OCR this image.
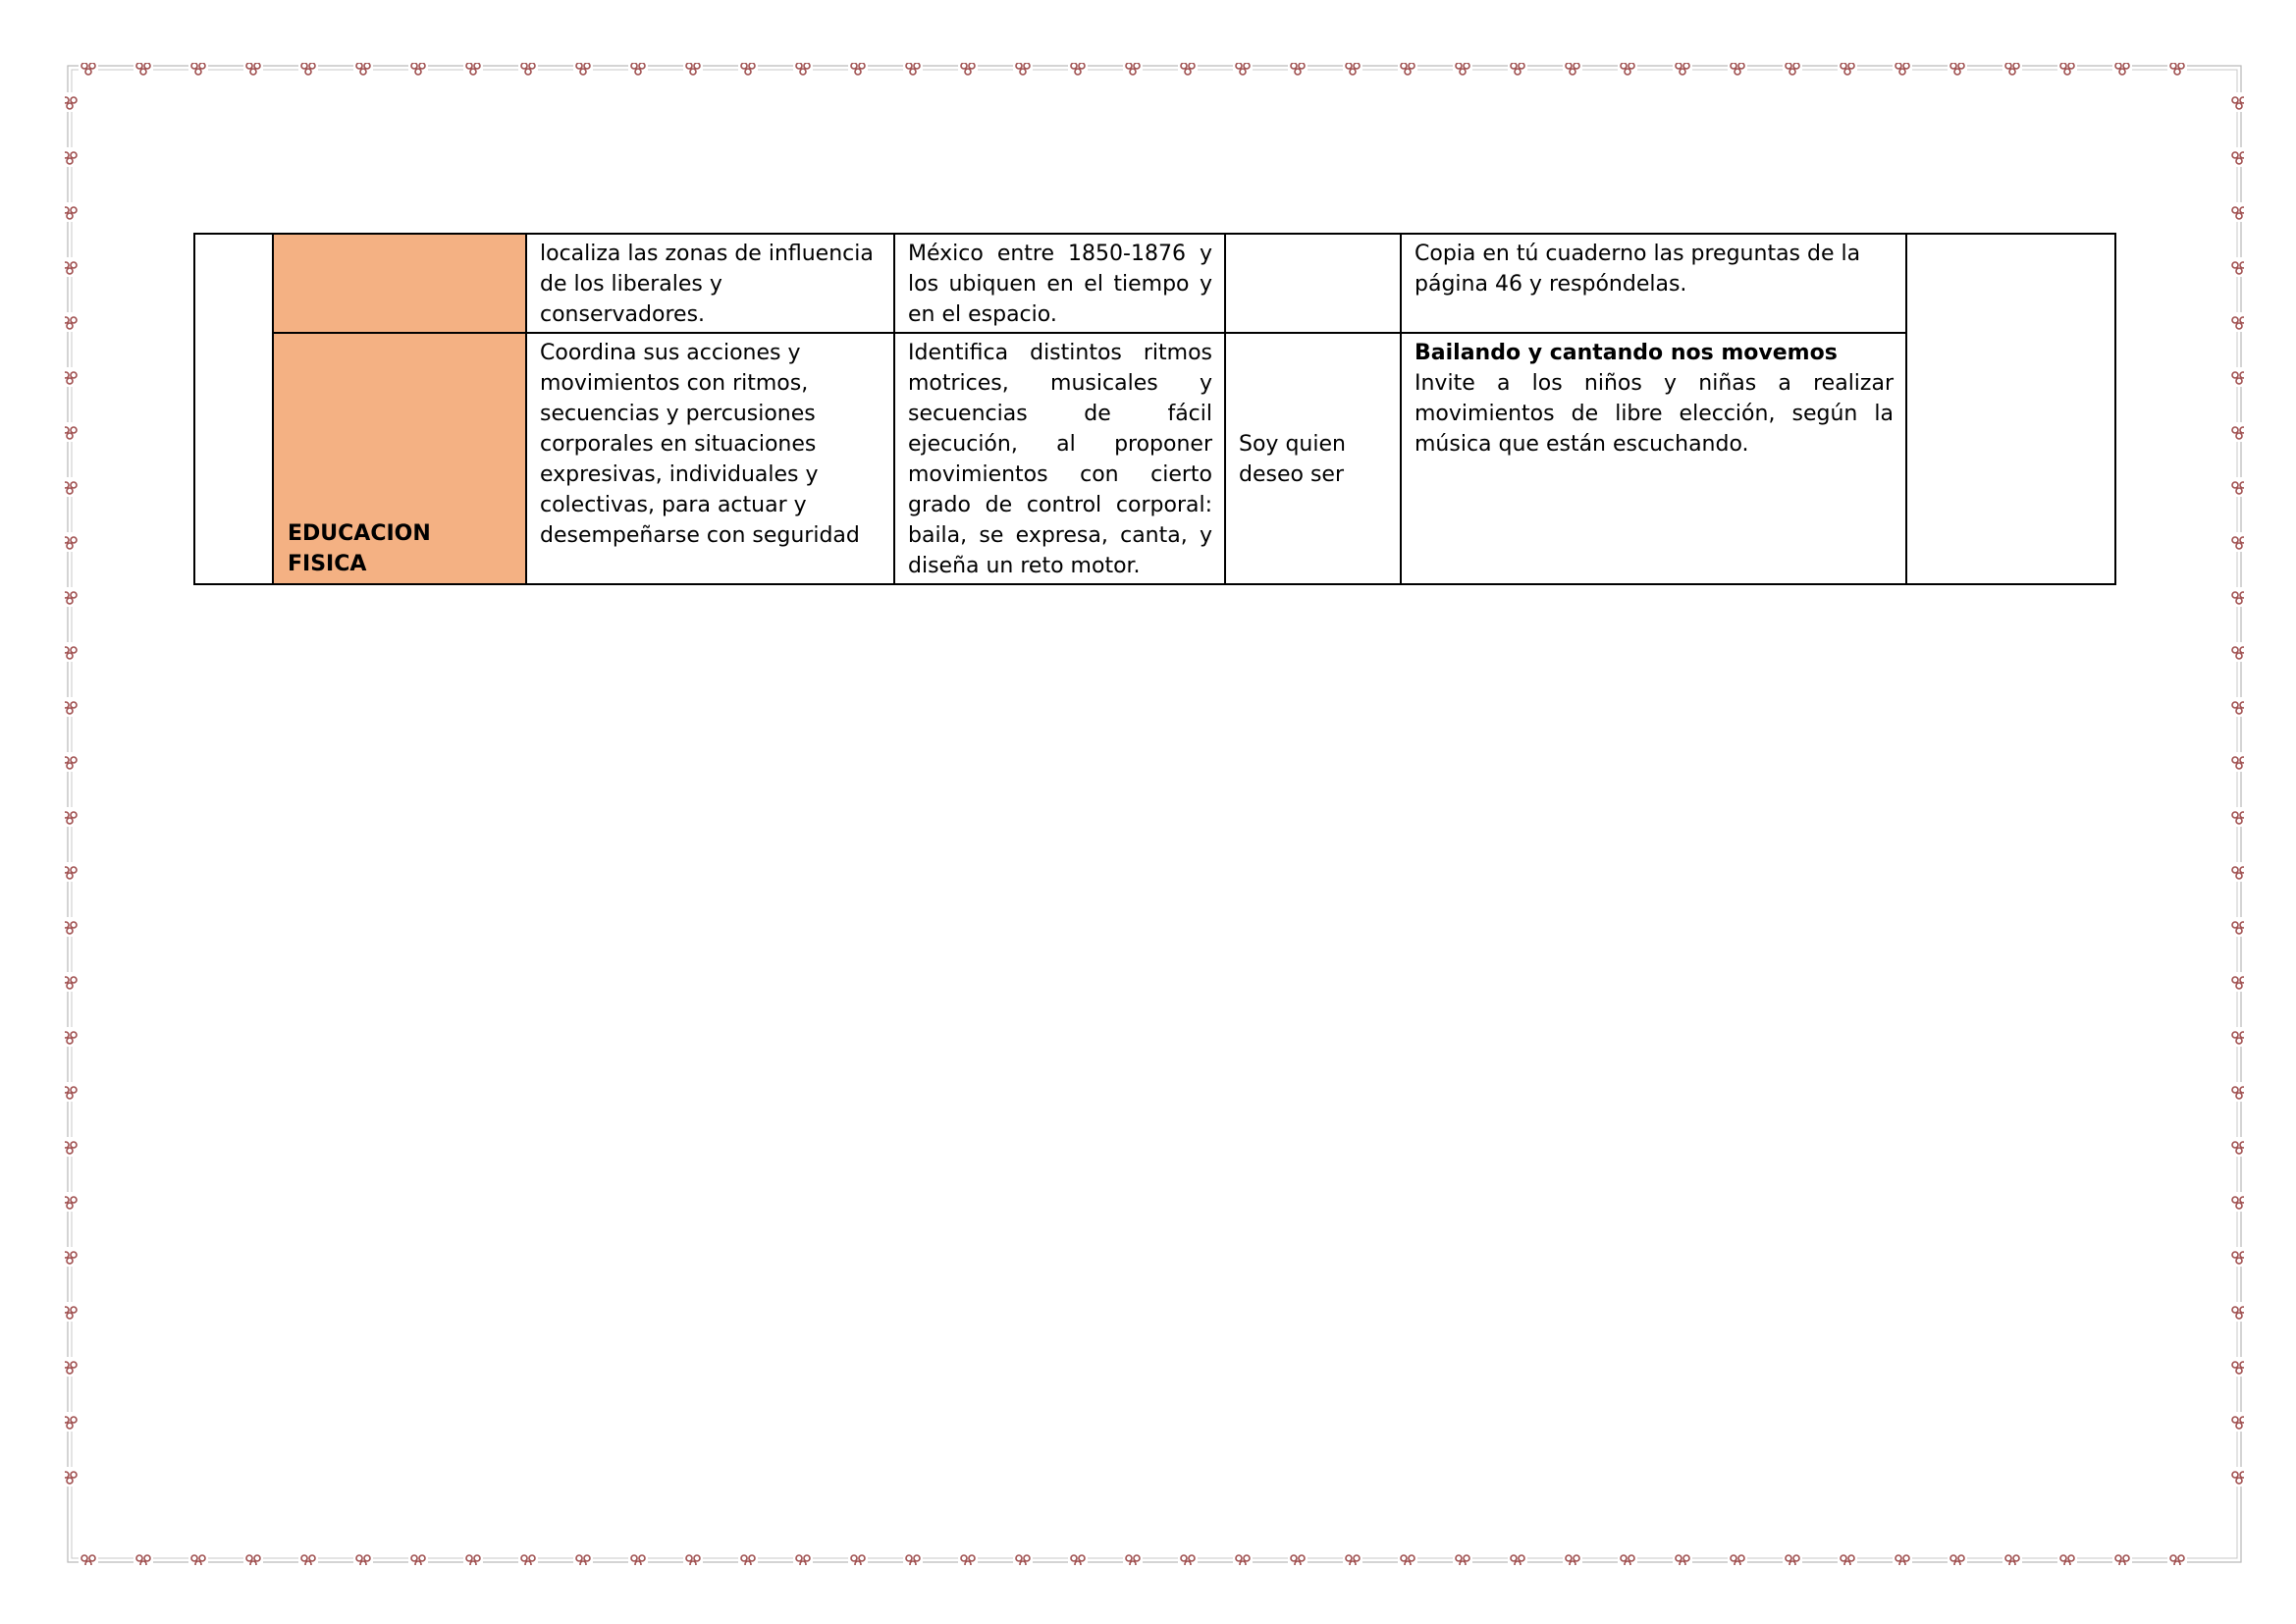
		localiza las zonas de influencia de los liberales y conservadores.	México entre 1850-1876 y los ubiquen en el tiempo y en el espacio.		Copia en tú cuaderno las preguntas de la página 46 y respóndelas.	
	EDUCACION FISICA	Coordina sus acciones y movimientos con ritmos, secuencias y percusiones corporales en situaciones expresivas, individuales y colectivas, para actuar y desempeñarse con seguridad	Identifica distintos ritmos motrices, musicales y secuencias de fácil ejecución, al proponer movimientos con cierto grado de control corporal: baila, se expresa, canta, y diseña un reto motor.	Soy quien deseo ser	Bailando y cantando nos movemos
Invite a los niños y niñas a realizar movimientos de libre elección, según la música que están escuchando.	
